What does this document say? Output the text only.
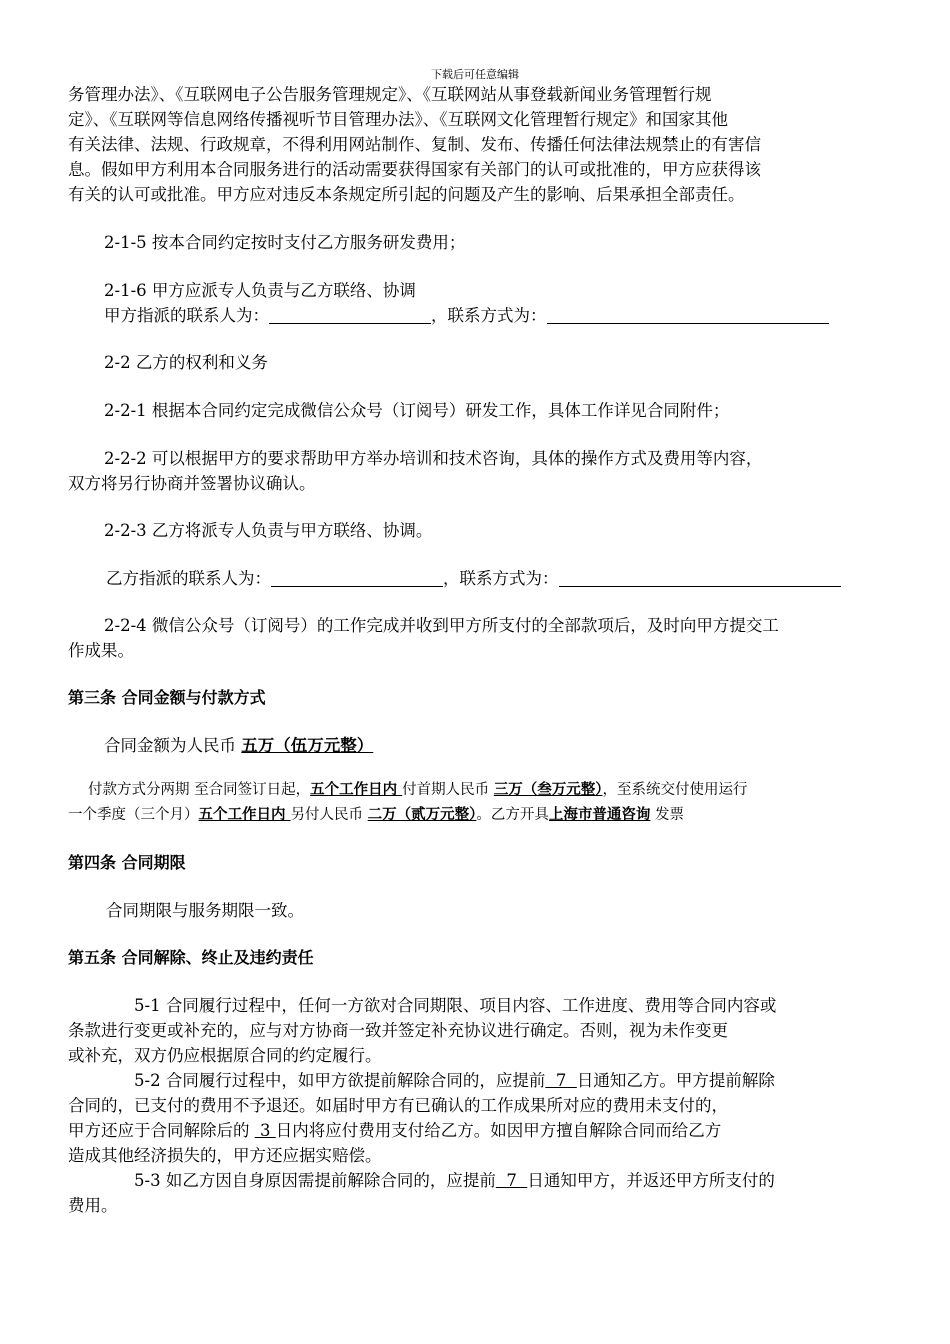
下载后可任意编辑
务管理办法》、《互联网电子公告服务管理规定》、《互联网站从事登载新闻业务管理暂行规
定》、《互联网等信息网络传播视听节目管理办法》、《互联网文化管理暂行规定》和国家其他
有关法律、法规、行政规章，不得利用网站制作、复制、发布、传播任何法律法规禁止的有害信
息。假如甲方利用本合同服务进行的活动需要获得国家有关部门的认可或批准的，甲方应获得该
有关的认可或批准。甲方应对违反本条规定所引起的问题及产生的影响、后果承担全部责任。
2-1-5 按本合同约定按时支付乙方服务研发费用；
2-1-6 甲方应派专人负责与乙方联络、协调
甲方指派的联系人为：	，联系方式为：
2-2 乙方的权利和义务
2-2-1 根据本合同约定完成微信公众号（订阅号）研发工作，具体工作详见合同附件；
2-2-2 可以根据甲方的要求帮助甲方举办培训和技术咨询，具体的操作方式及费用等内容，
双方将另行协商并签署协议确认。
2-2-3 乙方将派专人负责与甲方联络、协调。
乙方指派的联系人为：	，联系方式为：
2-2-4 微信公众号（订阅号）的工作完成并收到甲方所支付的全部款项后，及时向甲方提交工
作成果。
第三条 合同金额与付款方式
合同金额为人民币 五万（伍万元整）
付款方式分两期 至合同签订日起，五个工作日内 付首期人民币 三万（叁万元整），至系统交付使用运行
一个季度（三个月）五个工作日内 另付人民币 二万（贰万元整）。乙方开具上海市普通咨询 发票
第四条 合同期限
合同期限与服务期限一致。
第五条 合同解除、终止及违约责任
5-1 合同履行过程中，任何一方欲对合同期限、项目内容、工作进度、费用等合同内容或
条款进行变更或补充的，应与对方协商一致并签定补充协议进行确定。否则，视为未作变更
或补充，双方仍应根据原合同的约定履行。
5-2 合同履行过程中，如甲方欲提前解除合同的，应提前  7  日通知乙方。甲方提前解除
合同的，已支付的费用不予退还。如届时甲方有已确认的工作成果所对应的费用未支付的，
甲方还应于合同解除后的  3 日内将应付费用支付给乙方。如因甲方擅自解除合同而给乙方
造成其他经济损失的，甲方还应据实赔偿。
5-3 如乙方因自身原因需提前解除合同的，应提前  7  日通知甲方，并返还甲方所支付的
费用。
